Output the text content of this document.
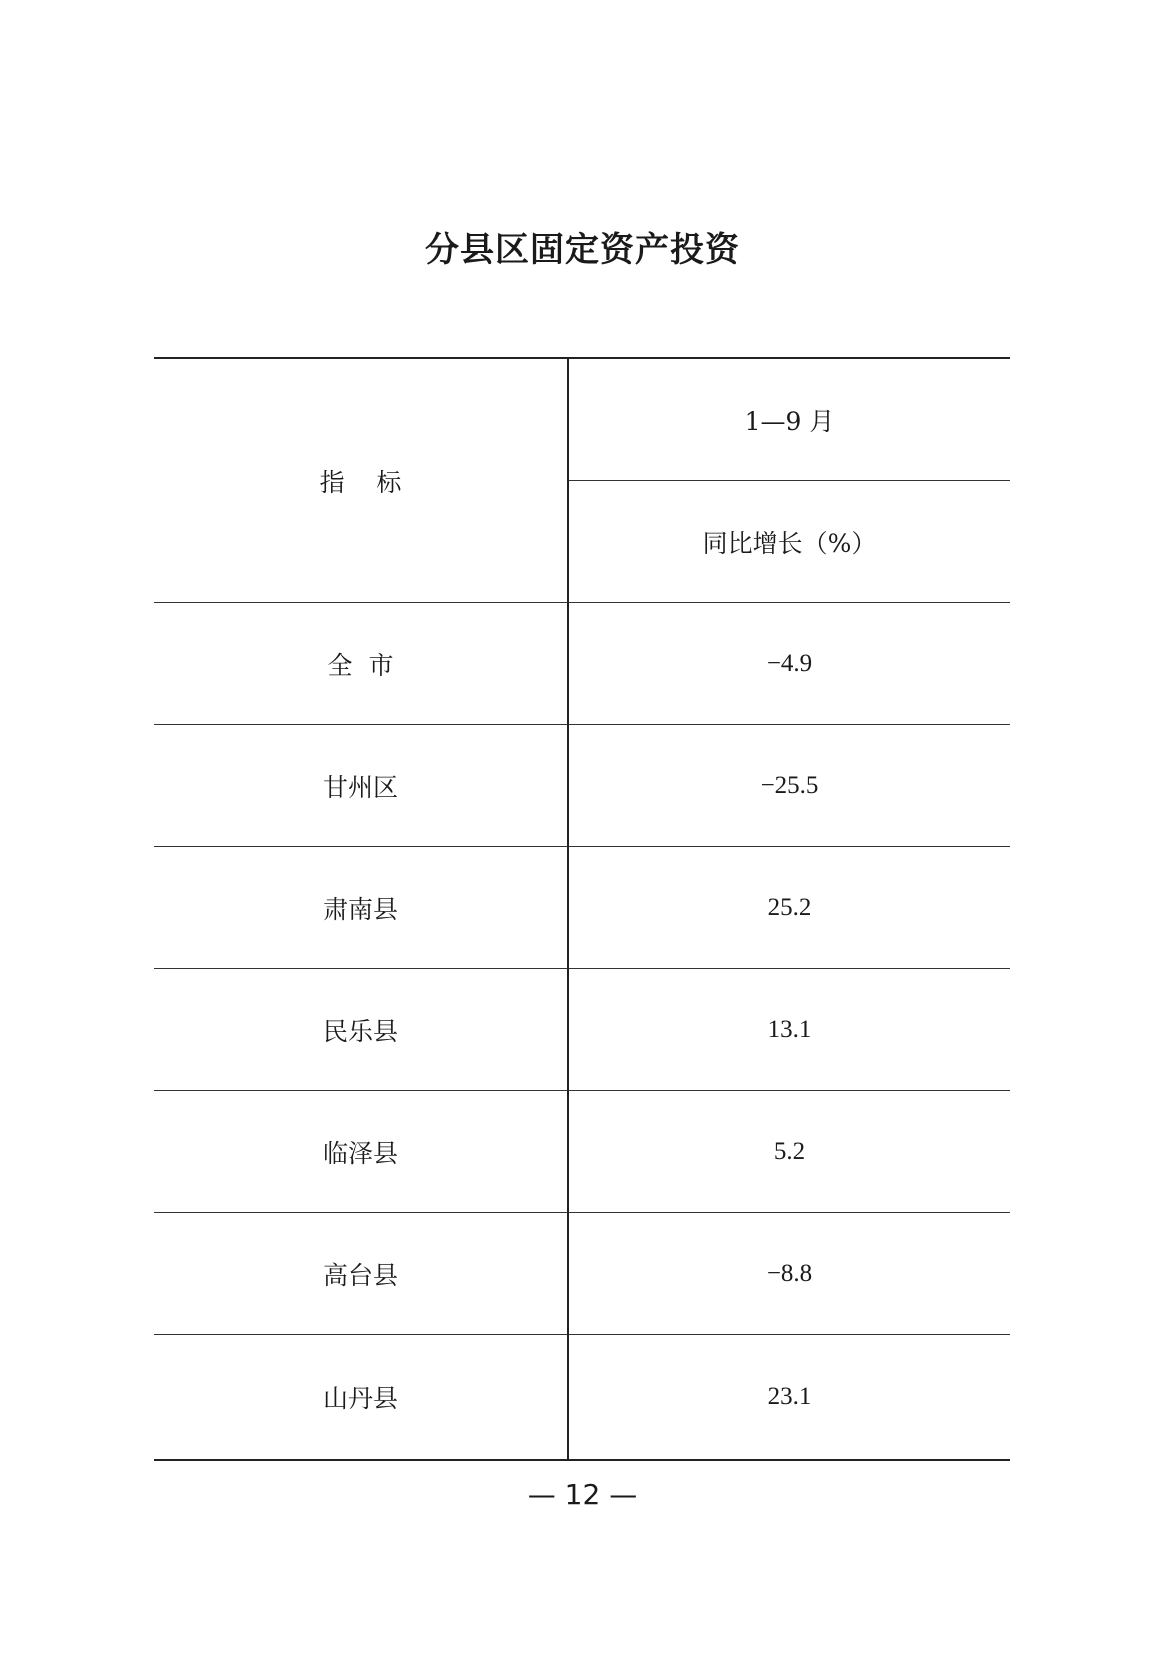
分县区固定资产投资
指    标	1—9 月
	同比增长（%）
全  市	−4.9
甘州区	−25.5
肃南县	25.2
民乐县	13.1
临泽县	5.2
高台县	−8.8
山丹县	23.1
— 12 —
